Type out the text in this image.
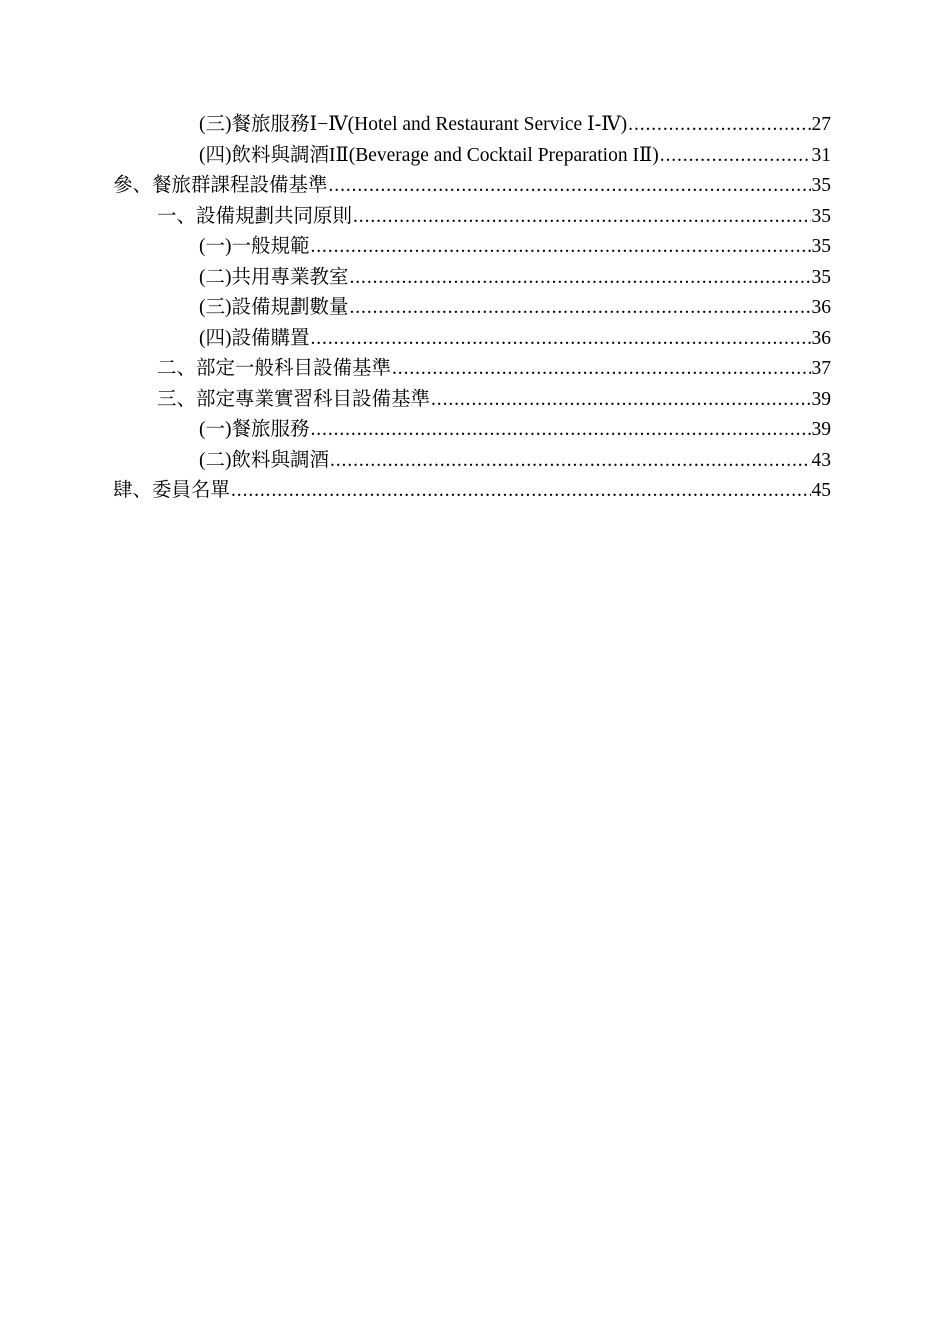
(三)餐旅服務Ⅰ−Ⅳ(Hotel and Restaurant Service Ⅰ-Ⅳ) .....	27
(四)飲料與調酒IⅡ(Beverage and Cocktail Preparation IⅡ) .....	31
參、餐旅群課程設備基準 .....	35
一、設備規劃共同原則 .....	35
(一)一般規範 .....	35
(二)共用專業教室 .....	35
(三)設備規劃數量 .....	36
(四)設備購置 .....	36
二、部定一般科目設備基準 .....	37
三、部定專業實習科目設備基準 .....	39
(一)餐旅服務 .....	39
(二)飲料與調酒 .....	43
肆、委員名單 .....	45
